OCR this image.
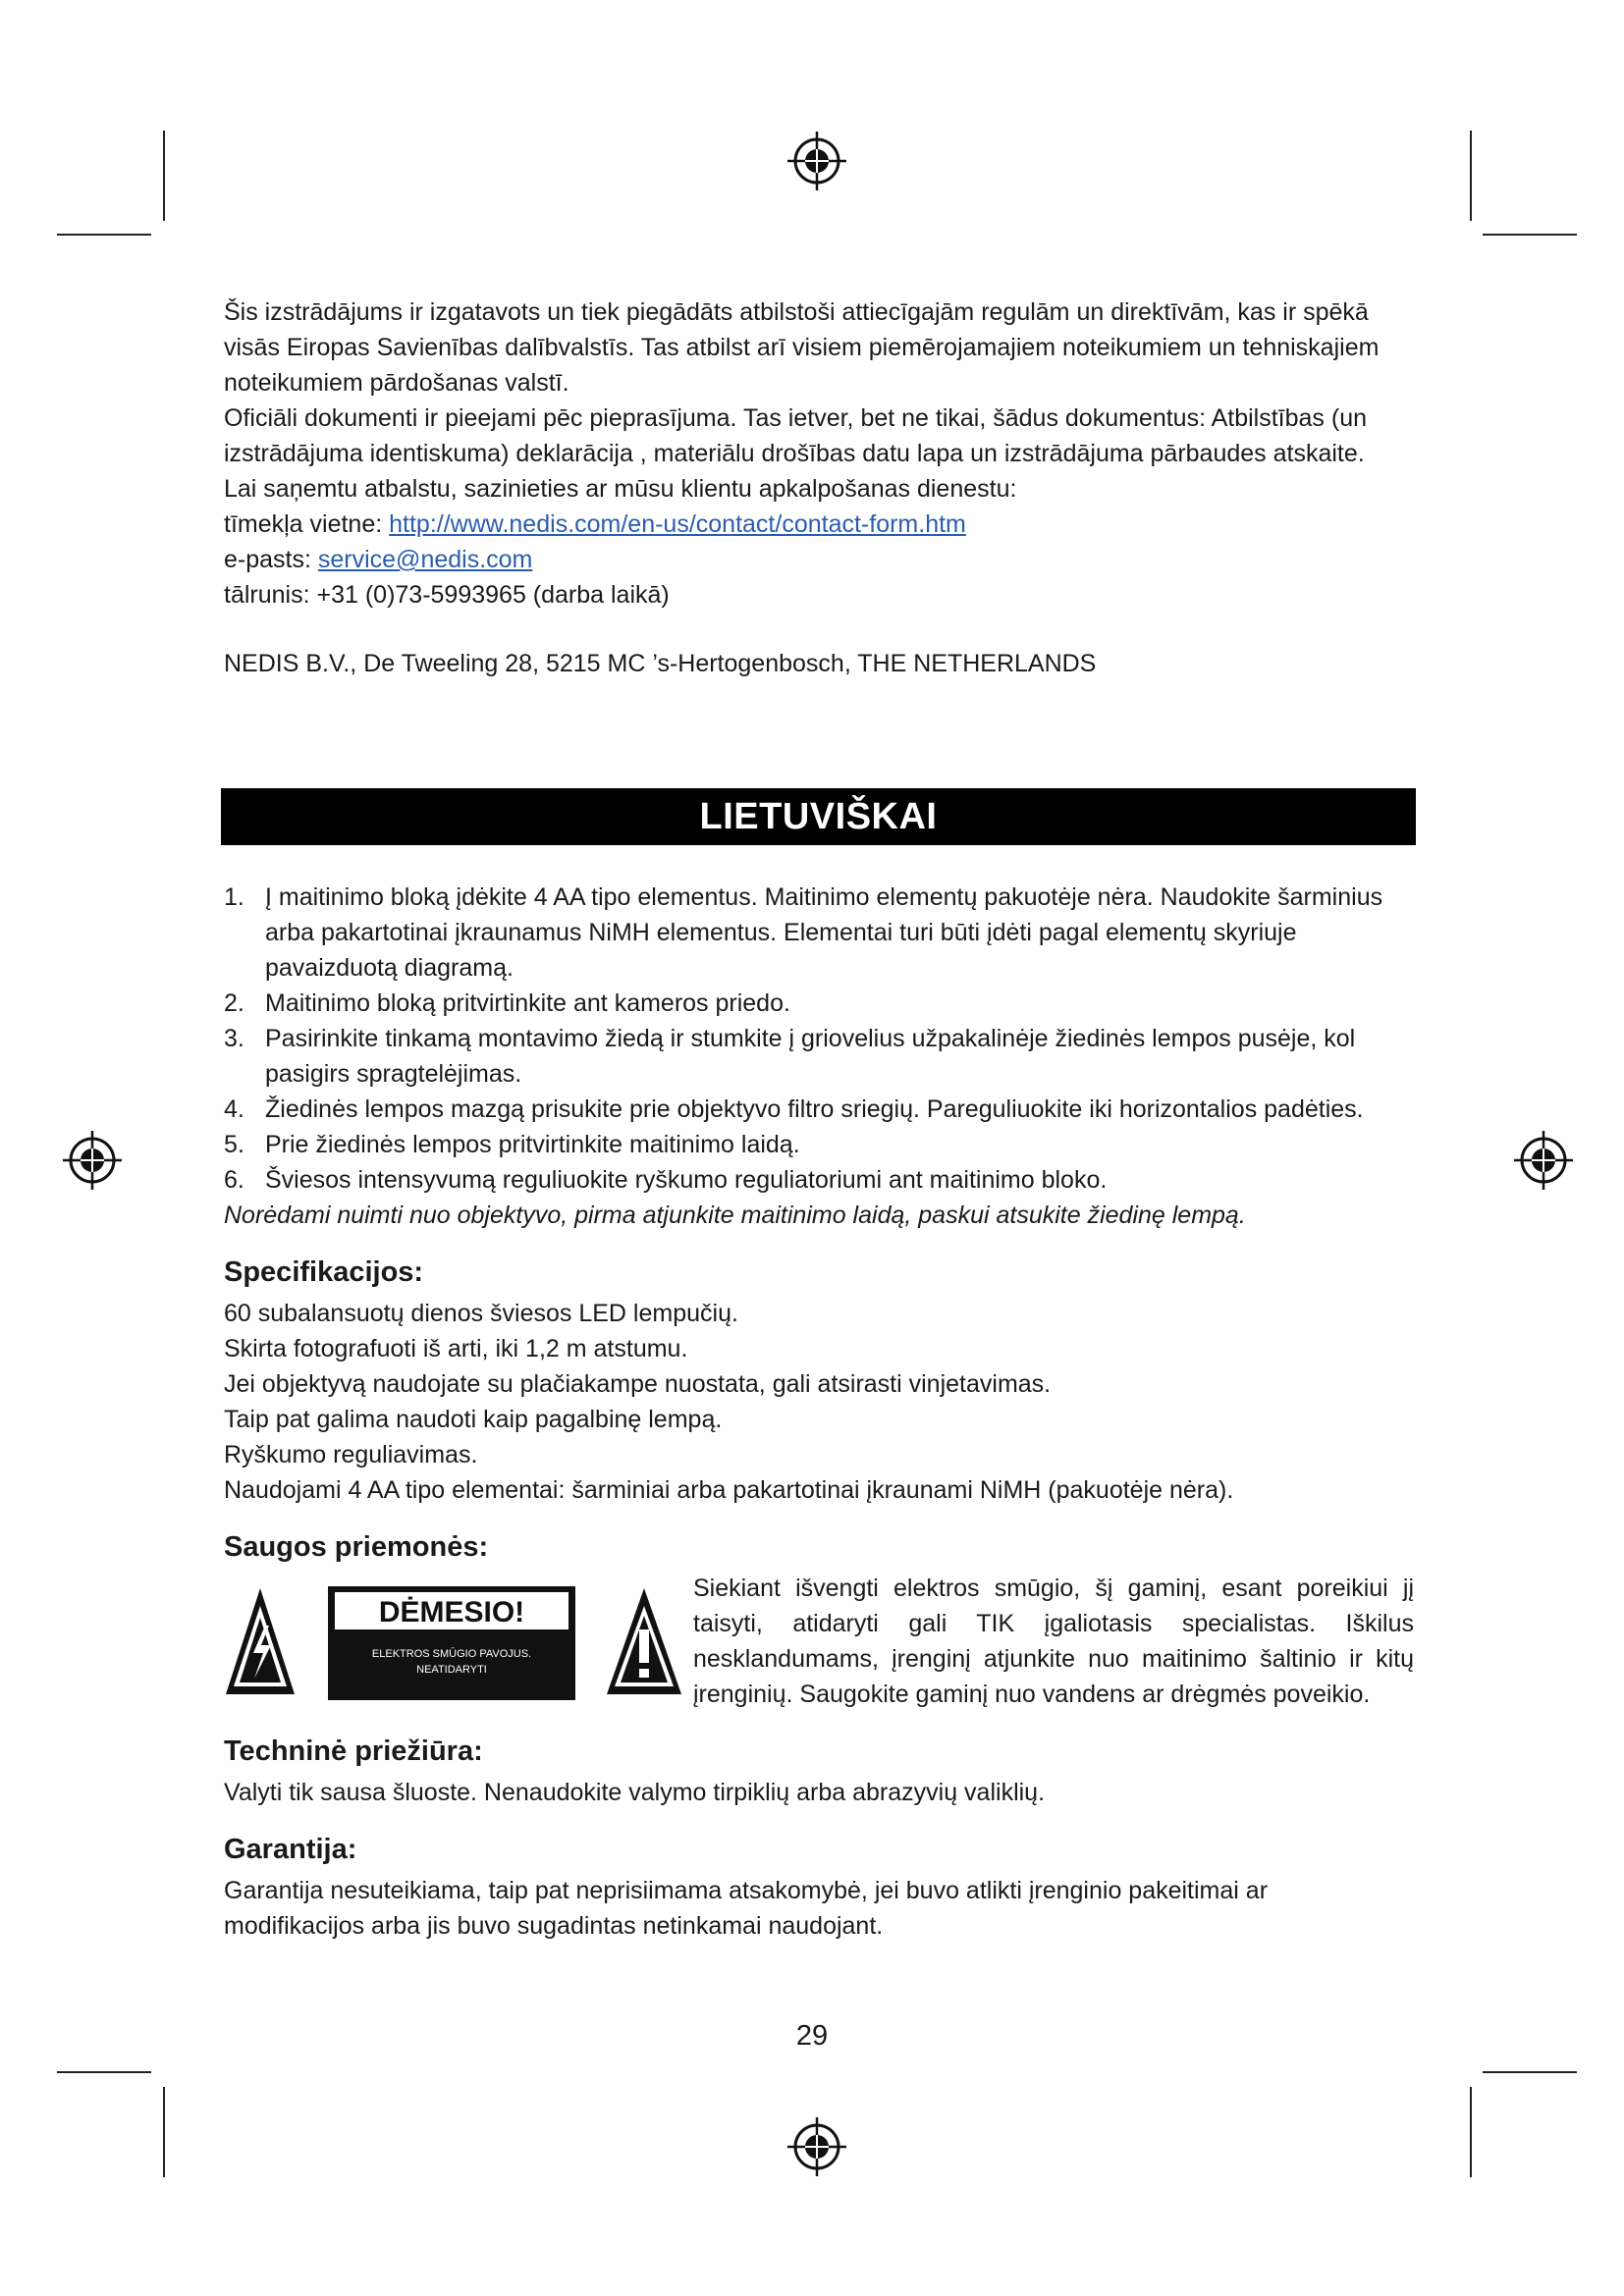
Šis izstrādājums ir izgatavots un tiek piegādāts atbilstoši attiecīgajām regulām un direktīvām, kas ir spēkā visās Eiropas Savienības dalībvalstīs. Tas atbilst arī visiem piemērojamajiem noteikumiem un tehniskajiem noteikumiem pārdošanas valstī.

Oficiāli dokumenti ir pieejami pēc pieprasījuma. Tas ietver, bet ne tikai, šādus dokumentus: Atbilstības (un izstrādājuma identiskuma) deklarācija , materiālu drošības datu lapa un izstrādājuma pārbaudes atskaite.

Lai saņemtu atbalstu, sazinieties ar mūsu klientu apkalpošanas dienestu:

tīmekļa vietne: http://www.nedis.com/en-us/contact/contact-form.htm

e-pasts: service@nedis.com

tālrunis: +31 (0)73-5993965 (darba laikā)

NEDIS B.V., De Tweeling 28, 5215 MC ’s-Hertogenbosch, THE NETHERLANDS

LIETUVIŠKAI
1. Į maitinimo bloką įdėkite 4 AA tipo elementus. Maitinimo elementų pakuotėje nėra. Naudokite šarminius arba pakartotinai įkraunamus NiMH elementus. Elementai turi būti įdėti pagal elementų skyriuje pavaizduotą diagramą.
2. Maitinimo bloką pritvirtinkite ant kameros priedo.
3. Pasirinkite tinkamą montavimo žiedą ir stumkite į griovelius užpakalinėje žiedinės lempos pusėje, kol pasigirs spragtelėjimas.
4. Žiedinės lempos mazgą prisukite prie objektyvo filtro sriegių. Pareguliuokite iki horizontalios padėties.
5. Prie žiedinės lempos pritvirtinkite maitinimo laidą.
6. Šviesos intensyvumą reguliuokite ryškumo reguliatoriumi ant maitinimo bloko.

Norėdami nuimti nuo objektyvo, pirma atjunkite maitinimo laidą, paskui atsukite žiedinę lempą.

Specifikacijos:

60 subalansuotų dienos šviesos LED lempučių.

Skirta fotografuoti iš arti, iki 1,2 m atstumu.

Jei objektyvą naudojate su plačiakampe nuostata, gali atsirasti vinjetavimas.

Taip pat galima naudoti kaip pagalbinę lempą.

Ryškumo reguliavimas.

Naudojami 4 AA tipo elementai: šarminiai arba pakartotinai įkraunami NiMH (pakuotėje nėra).

Saugos priemonės:
DĖMESIO!
ELEKTROS SMŪGIO PAVOJUS.
NEATIDARYTI
Siekiant išvengti elektros smūgio, šį gaminį, esant poreikiui jį taisyti, atidaryti gali TIK įgaliotasis specialistas. Iškilus nesklandumams, įrenginį atjunkite nuo maitinimo šaltinio ir kitų įrenginių. Saugokite gaminį nuo vandens ar drėgmės poveikio.
Techninė priežiūra:

Valyti tik sausa šluoste. Nenaudokite valymo tirpiklių arba abrazyvių valiklių.

Garantija:

Garantija nesuteikiama, taip pat neprisiimama atsakomybė, jei buvo atlikti įrenginio pakeitimai ar modifikacijos arba jis buvo sugadintas netinkamai naudojant.

29
